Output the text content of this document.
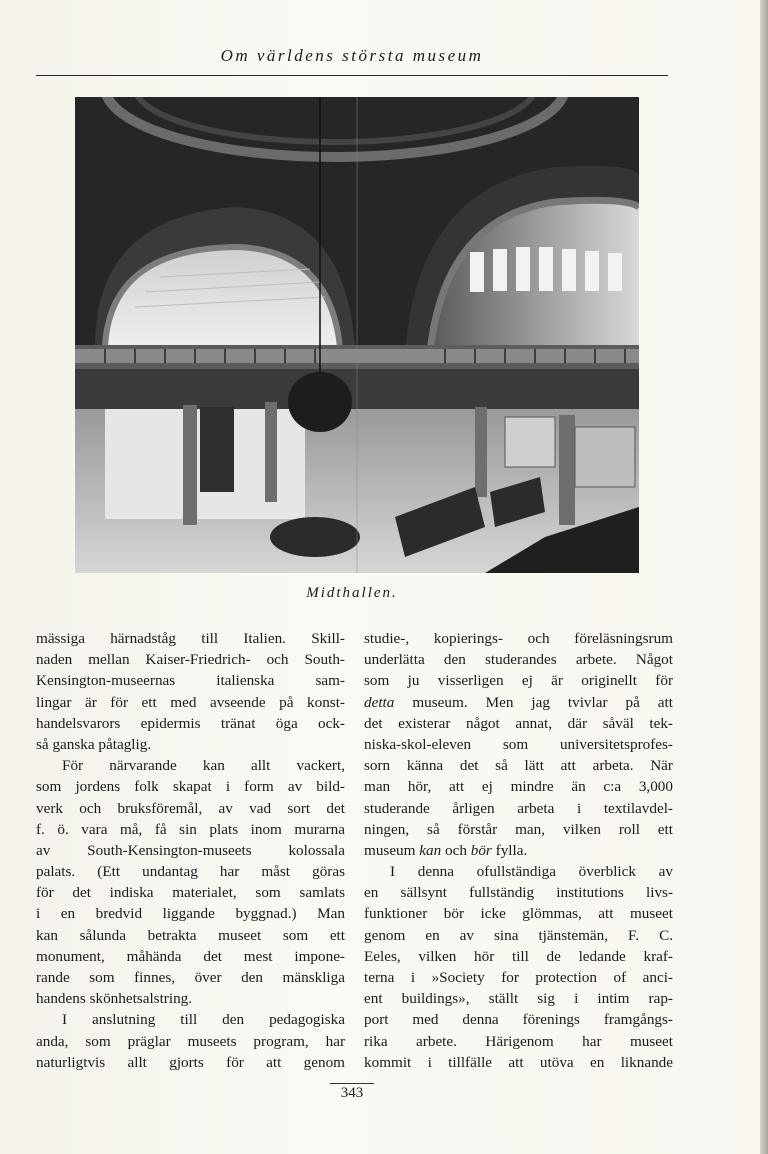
Om världens största museum
Midthallen.
mässiga härnadståg till Italien. Skill-
naden mellan Kaiser-Friedrich- och South-
Kensington-museernas italienska sam-
lingar är för ett med avseende på konst-
handelsvarors epidermis tränat öga ock-
så ganska påtaglig.
För närvarande kan allt vackert,
som jordens folk skapat i form av bild-
verk och bruksföremål, av vad sort det
f. ö. vara må, få sin plats inom murarna
av South-Kensington-museets kolossala
palats. (Ett undantag har måst göras
för det indiska materialet, som samlats
i en bredvid liggande byggnad.) Man
kan sålunda betrakta museet som ett
monument, måhända det mest impone-
rande som finnes, över den mänskliga
handens skönhetsalstring.
I anslutning till den pedagogiska
anda, som präglar museets program, har
naturligtvis allt gjorts för att genom
studie-, kopierings- och föreläsningsrum
underlätta den studerandes arbete. Något
som ju visserligen ej är originellt för
detta museum. Men jag tvivlar på att
det existerar något annat, där såväl tek-
niska-skol-eleven som universitetsprofes-
sorn känna det så lätt att arbeta. När
man hör, att ej mindre än c:a 3,000
studerande årligen arbeta i textilavdel-
ningen, så förstår man, vilken roll ett
museum kan och bör fylla.
I denna ofullständiga överblick av
en sällsynt fullständig institutions livs-
funktioner bör icke glömmas, att museet
genom en av sina tjänstemän, F. C.
Eeles, vilken hör till de ledande kraf-
terna i »Society for protection of anci-
ent buildings», ställt sig i intim rap-
port med denna förenings framgångs-
rika arbete. Härigenom har museet
kommit i tillfälle att utöva en liknande
343
